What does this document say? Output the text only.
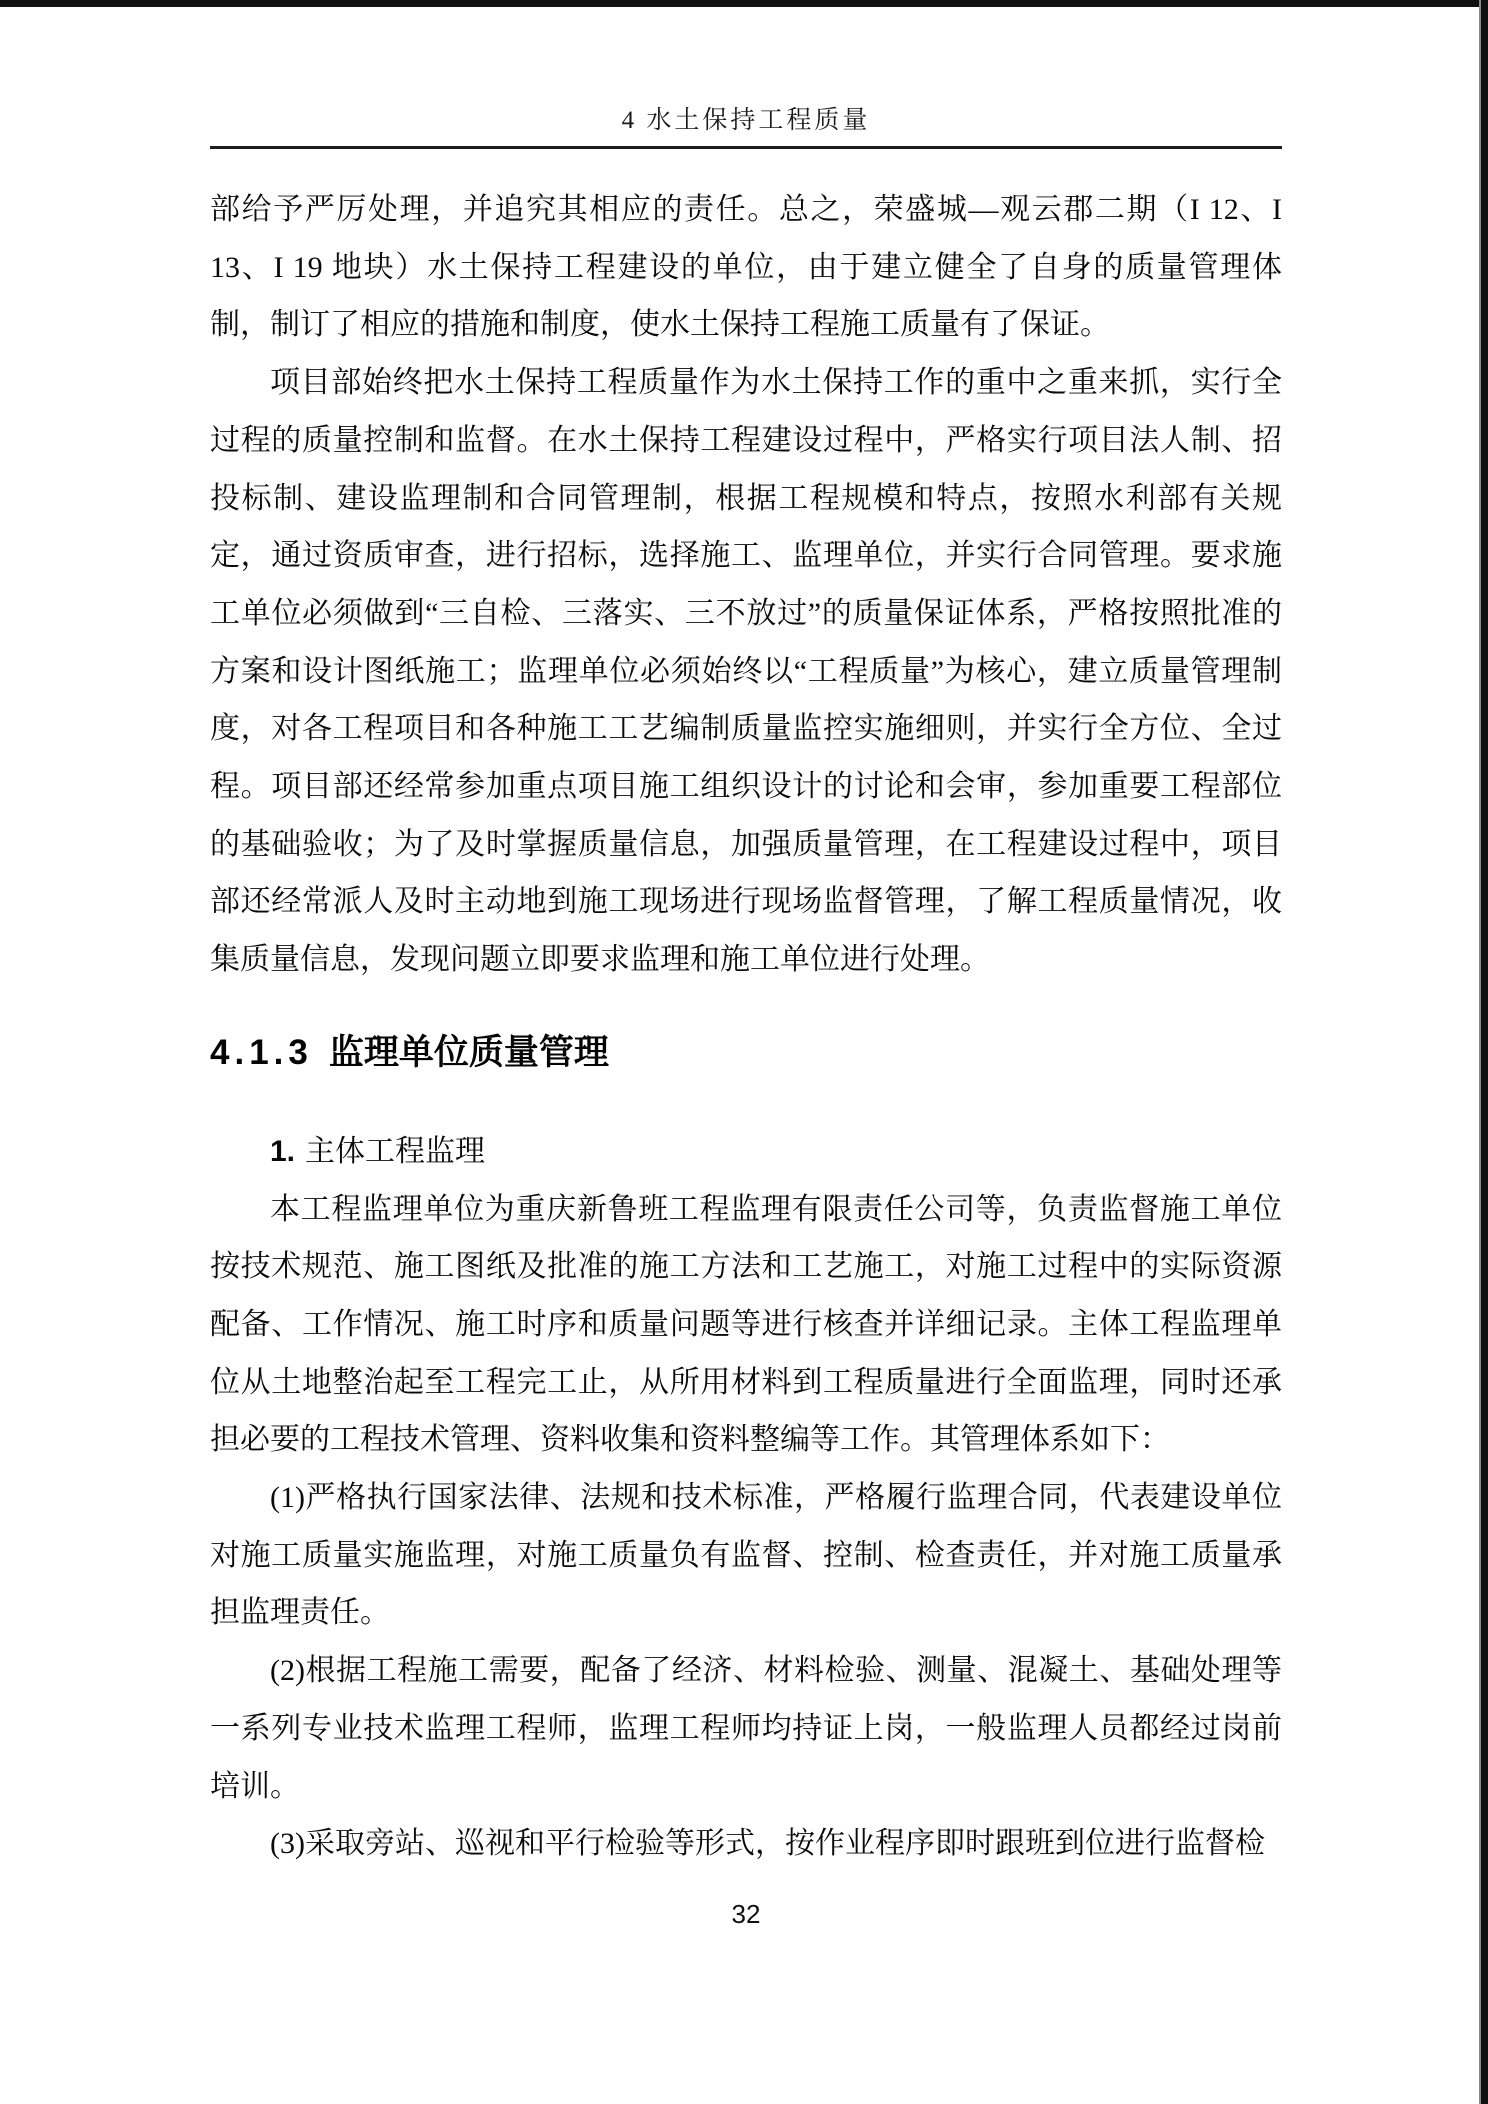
4 水土保持工程质量

部给予严厉处理，并追究其相应的责任。总之，荣盛城—观云郡二期（I 12、I 13、I 19 地块）水土保持工程建设的单位，由于建立健全了自身的质量管理体制，制订了相应的措施和制度，使水土保持工程施工质量有了保证。

项目部始终把水土保持工程质量作为水土保持工作的重中之重来抓，实行全过程的质量控制和监督。在水土保持工程建设过程中，严格实行项目法人制、招投标制、建设监理制和合同管理制，根据工程规模和特点，按照水利部有关规定，通过资质审查，进行招标，选择施工、监理单位，并实行合同管理。要求施工单位必须做到“三自检、三落实、三不放过”的质量保证体系，严格按照批准的方案和设计图纸施工；监理单位必须始终以“工程质量”为核心，建立质量管理制度，对各工程项目和各种施工工艺编制质量监控实施细则，并实行全方位、全过程。项目部还经常参加重点项目施工组织设计的讨论和会审，参加重要工程部位的基础验收；为了及时掌握质量信息，加强质量管理，在工程建设过程中，项目部还经常派人及时主动地到施工现场进行现场监督管理，了解工程质量情况，收集质量信息，发现问题立即要求监理和施工单位进行处理。

4.1.3 监理单位质量管理

1. 主体工程监理

本工程监理单位为重庆新鲁班工程监理有限责任公司等，负责监督施工单位按技术规范、施工图纸及批准的施工方法和工艺施工，对施工过程中的实际资源配备、工作情况、施工时序和质量问题等进行核查并详细记录。主体工程监理单位从土地整治起至工程完工止，从所用材料到工程质量进行全面监理，同时还承担必要的工程技术管理、资料收集和资料整编等工作。其管理体系如下：

(1)严格执行国家法律、法规和技术标准，严格履行监理合同，代表建设单位对施工质量实施监理，对施工质量负有监督、控制、检查责任，并对施工质量承担监理责任。

(2)根据工程施工需要，配备了经济、材料检验、测量、混凝土、基础处理等一系列专业技术监理工程师，监理工程师均持证上岗，一般监理人员都经过岗前培训。

(3)采取旁站、巡视和平行检验等形式，按作业程序即时跟班到位进行监督检

32
